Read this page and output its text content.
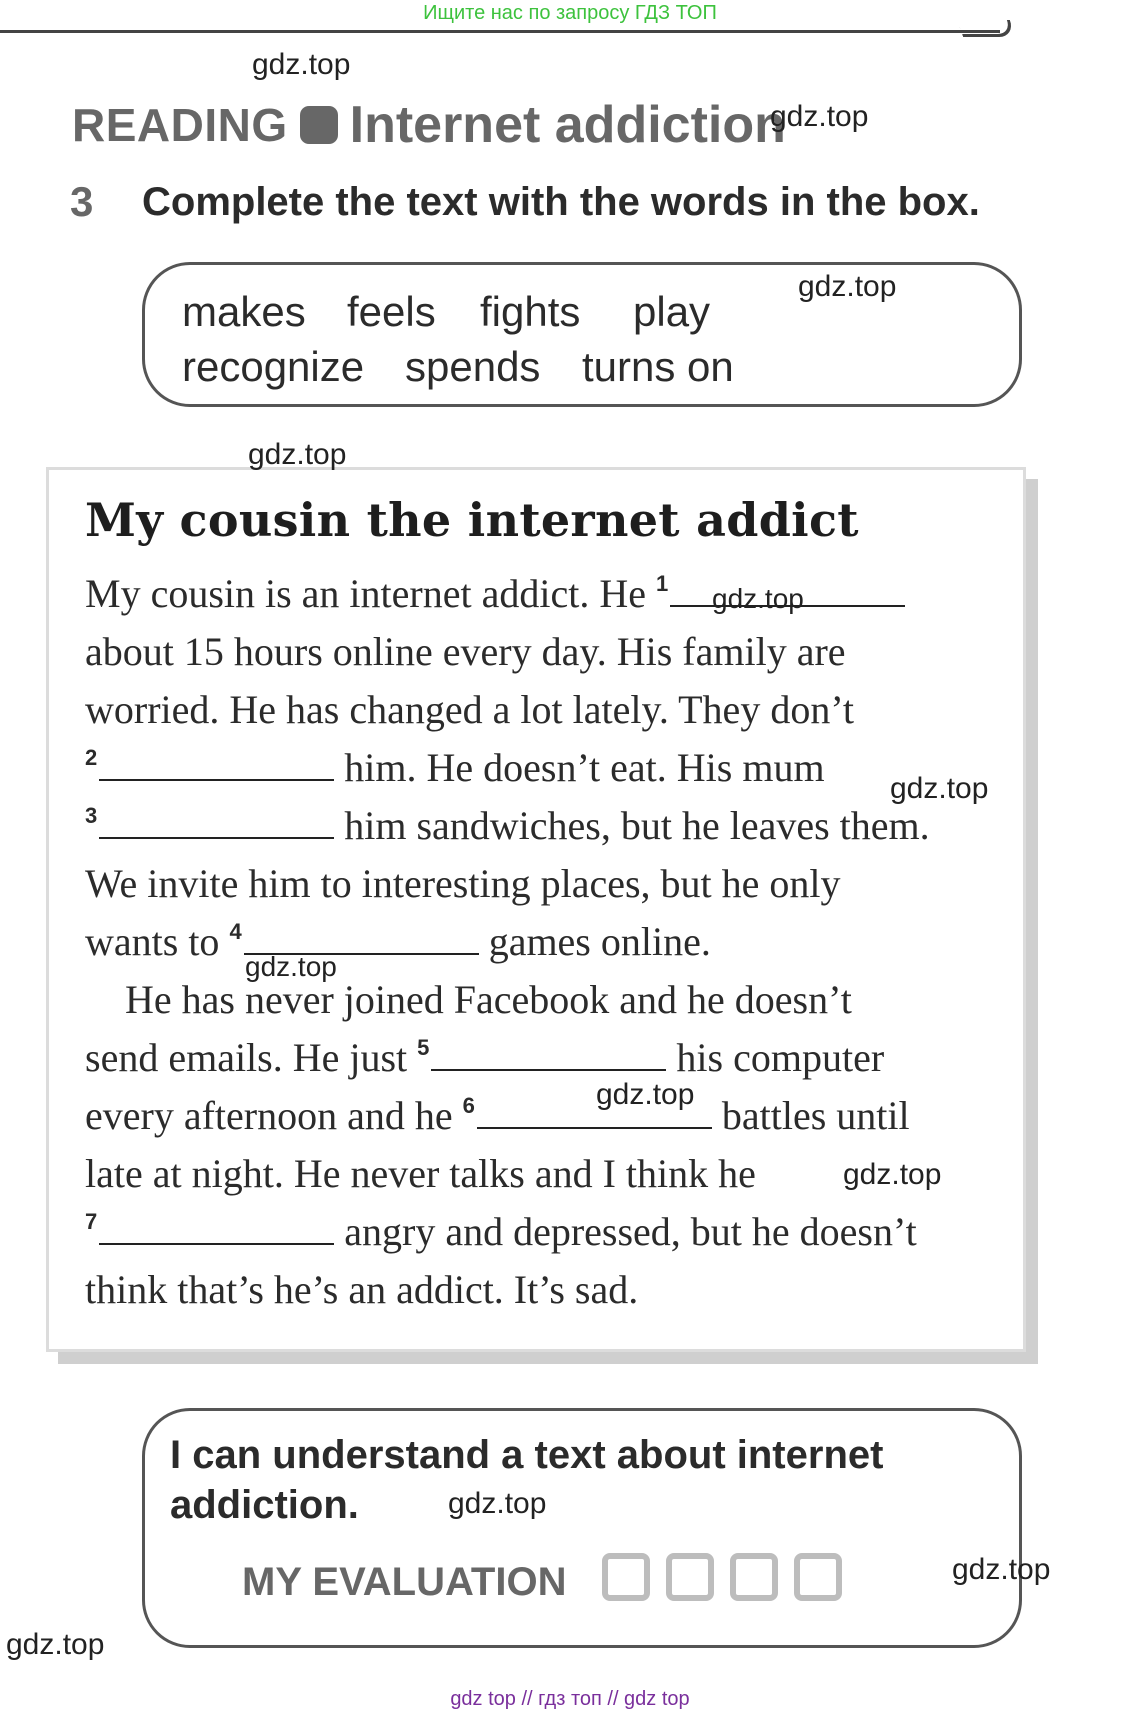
Ищите нас по запросу ГДЗ ТОП
gdz.top
READING Internet addiction
gdz.top
3 Complete the text with the words in the box.
makes feels fights play
recognize spends turns on
gdz.top
gdz.top
My cousin the internet addict
My cousin is an internet addict. He $^1$	gdz.top
about 15 hours online every day. His family are
worried. He has changed a lot lately. They don’t
$^2$	him. He doesn’t eat. His mum gdz.top
$^3$	him sandwiches, but he leaves them.
We invite him to interesting places, but he only
wants to $^4$	games online.
gdz.top
He has never joined Facebook and he doesn’t
send emails. He just $^5$	his computer
gdz.top
every afternoon and he $^6$	battles until
late at night. He never talks and I think he	gdz.top
$^7$	angry and depressed, but he doesn’t
think that’s he’s an addict. It’s sad.
I can understand a text about internet addiction.	gdz.top
MY EVALUATION	gdz.top
gdz.top
gdz top // гдз топ // gdz top
